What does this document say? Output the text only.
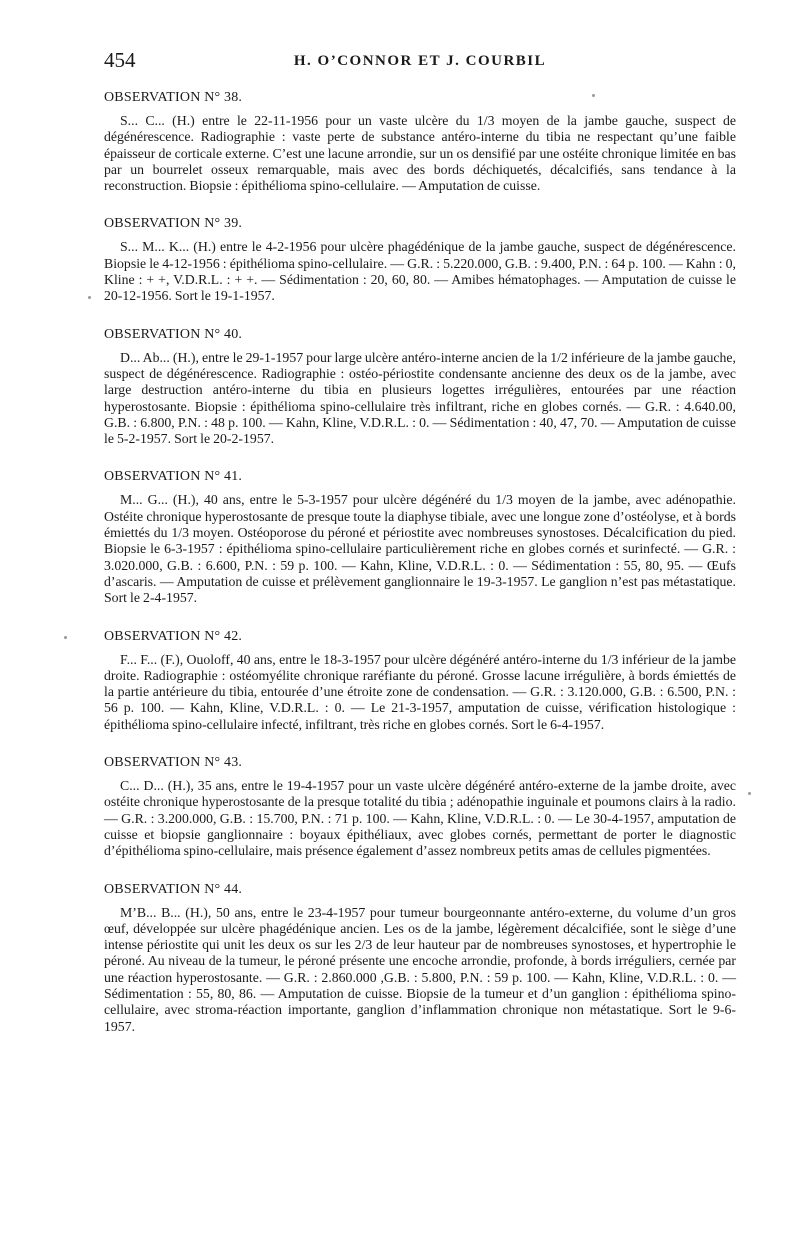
454	H. O’CONNOR ET J. COURBIL
OBSERVATION N° 38.

S... C... (H.) entre le 22-11-1956 pour un vaste ulcère du 1/3 moyen de la jambe gauche, suspect de dégénérescence. Radiographie : vaste perte de substance antéro-interne du tibia ne respectant qu’une faible épaisseur de corticale externe. C’est une lacune arrondie, sur un os densifié par une ostéite chronique limitée en bas par un bourrelet osseux remarquable, mais avec des bords déchiquetés, décalcifiés, sans tendance à la reconstruction. Biopsie : épithélioma spino-cellulaire. — Amputation de cuisse.

OBSERVATION N° 39.

S... M... K... (H.) entre le 4-2-1956 pour ulcère phagédénique de la jambe gauche, suspect de dégénérescence. Biopsie le 4-12-1956 : épithélioma spino-cellulaire. — G.R. : 5.220.000, G.B. : 9.400, P.N. : 64 p. 100. — Kahn : 0, Kline : + +, V.D.R.L. : + +. — Sédimentation : 20, 60, 80. — Amibes hématophages. — Amputation de cuisse le 20-12-1956. Sort le 19-1-1957.

OBSERVATION N° 40.

D... Ab... (H.), entre le 29-1-1957 pour large ulcère antéro-interne ancien de la 1/2 inférieure de la jambe gauche, suspect de dégénérescence. Radiographie : ostéo-périostite condensante ancienne des deux os de la jambe, avec large destruction antéro-interne du tibia en plusieurs logettes irrégulières, entourées par une réaction hyperostosante. Biopsie : épithélioma spino-cellulaire très infiltrant, riche en globes cornés. — G.R. : 4.640.00, G.B. : 6.800, P.N. : 48 p. 100. — Kahn, Kline, V.D.R.L. : 0. — Sédimentation : 40, 47, 70. — Amputation de cuisse le 5-2-1957. Sort le 20-2-1957.

OBSERVATION N° 41.

M... G... (H.), 40 ans, entre le 5-3-1957 pour ulcère dégénéré du 1/3 moyen de la jambe, avec adénopathie. Ostéite chronique hyperostosante de presque toute la diaphyse tibiale, avec une longue zone d’ostéolyse, et à bords émiettés du 1/3 moyen. Ostéoporose du péroné et périostite avec nombreuses synostoses. Décalcification du pied. Biopsie le 6-3-1957 : épithélioma spino-cellulaire particulièrement riche en globes cornés et surinfecté. — G.R. : 3.020.000, G.B. : 6.600, P.N. : 59 p. 100. — Kahn, Kline, V.D.R.L. : 0. — Sédimentation : 55, 80, 95. — Œufs d’ascaris. — Amputation de cuisse et prélèvement ganglionnaire le 19-3-1957. Le ganglion n’est pas métastatique. Sort le 2-4-1957.

OBSERVATION N° 42.

F... F... (F.), Ouoloff, 40 ans, entre le 18-3-1957 pour ulcère dégénéré antéro-interne du 1/3 inférieur de la jambe droite. Radiographie : ostéomyélite chronique raréfiante du péroné. Grosse lacune irrégulière, à bords émiettés de la partie antérieure du tibia, entourée d’une étroite zone de condensation. — G.R. : 3.120.000, G.B. : 6.500, P.N. : 56 p. 100. — Kahn, Kline, V.D.R.L. : 0. — Le 21-3-1957, amputation de cuisse, vérification histologique : épithélioma spino-cellulaire infecté, infiltrant, très riche en globes cornés. Sort le 6-4-1957.

OBSERVATION N° 43.

C... D... (H.), 35 ans, entre le 19-4-1957 pour un vaste ulcère dégénéré antéro-externe de la jambe droite, avec ostéite chronique hyperostosante de la presque totalité du tibia ; adénopathie inguinale et poumons clairs à la radio. — G.R. : 3.200.000, G.B. : 15.700, P.N. : 71 p. 100. — Kahn, Kline, V.D.R.L. : 0. — Le 30-4-1957, amputation de cuisse et biopsie ganglionnaire : boyaux épithéliaux, avec globes cornés, permettant de porter le diagnostic d’épithélioma spino-cellulaire, mais présence également d’assez nombreux petits amas de cellules pigmentées.

OBSERVATION N° 44.

M’B... B... (H.), 50 ans, entre le 23-4-1957 pour tumeur bourgeonnante antéro-externe, du volume d’un gros œuf, développée sur ulcère phagédénique ancien. Les os de la jambe, légèrement décalcifiée, sont le siège d’une intense périostite qui unit les deux os sur les 2/3 de leur hauteur par de nombreuses synostoses, et hypertrophie le péroné. Au niveau de la tumeur, le péroné présente une encoche arrondie, profonde, à bords irréguliers, cernée par une réaction hyperostosante. — G.R. : 2.860.000 ,G.B. : 5.800, P.N. : 59 p. 100. — Kahn, Kline, V.D.R.L. : 0. — Sédimentation : 55, 80, 86. — Amputation de cuisse. Biopsie de la tumeur et d’un ganglion : épithélioma spino-cellulaire, avec stroma-réaction importante, ganglion d’inflammation chronique non métastatique. Sort le 9-6-1957.
